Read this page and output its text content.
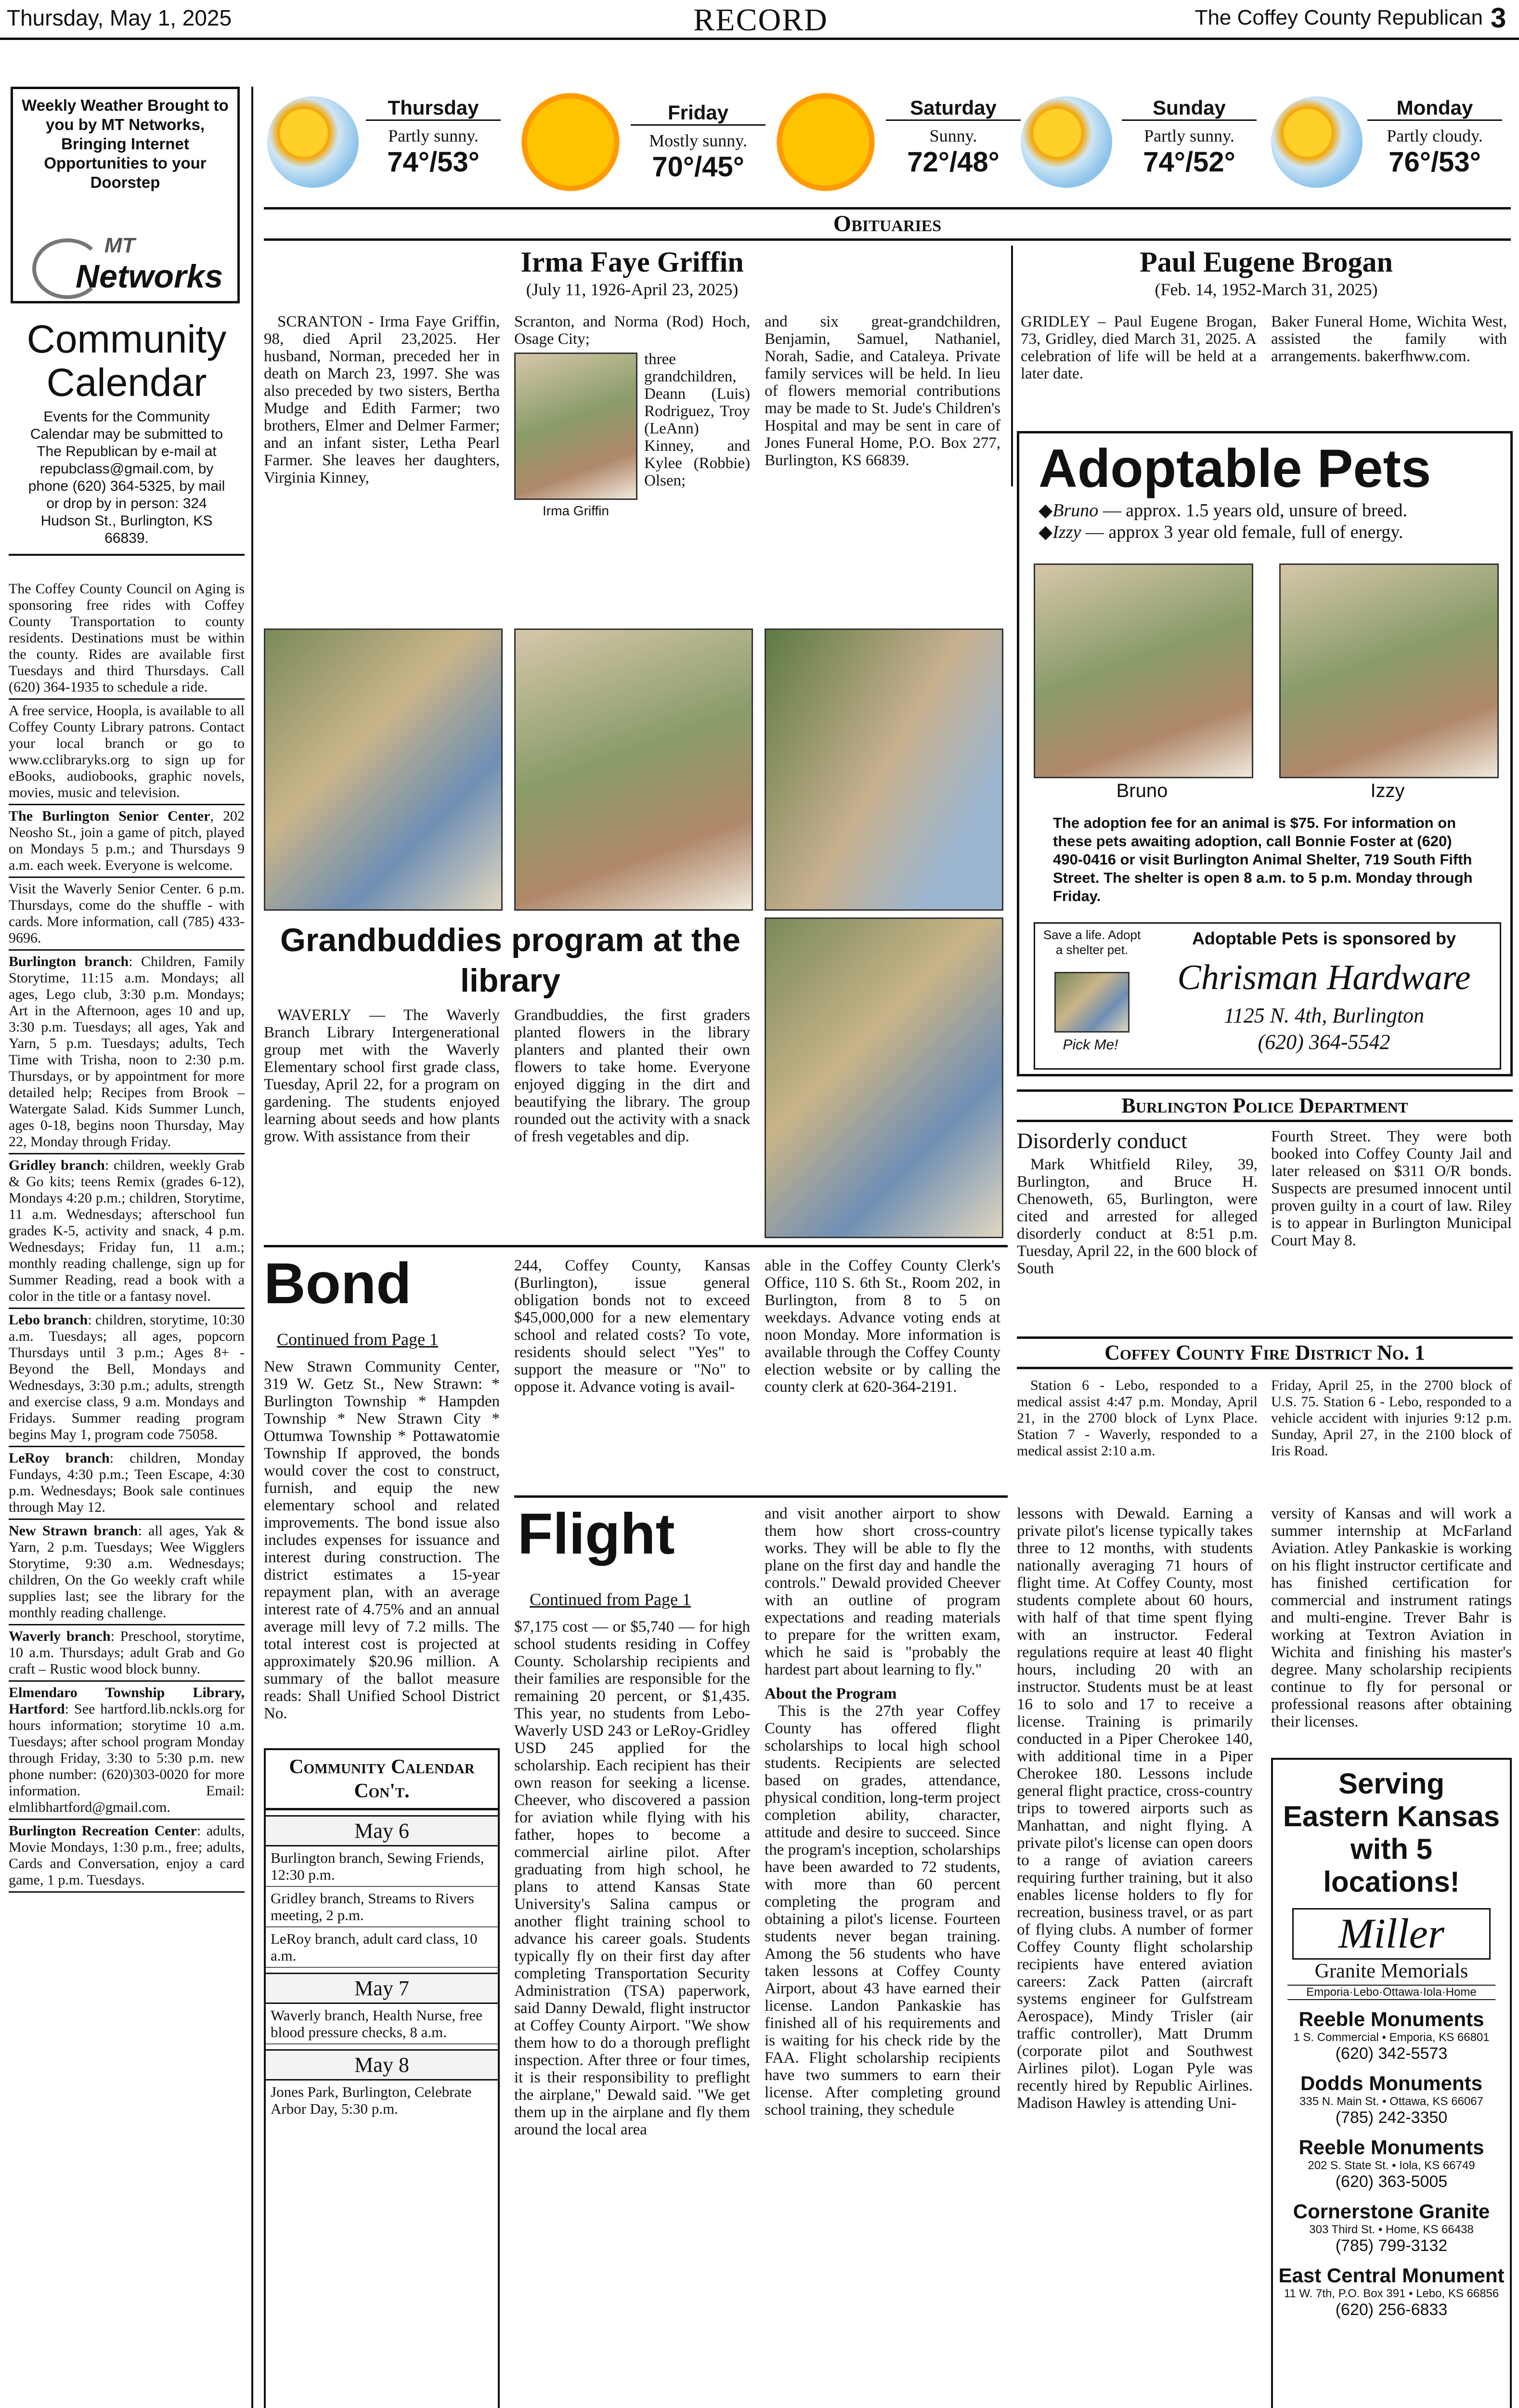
Thursday, May 1, 2025	RECORD	The Coffey County Republican 3
Weekly Weather Brought to you by MT Networks, Bringing Internet Opportunities to your Doorstep
MT
Networks
Thursday
Partly sunny.
74°/53°
Friday
Mostly sunny.
70°/45°
Saturday
Sunny.
72°/48°
Sunday
Partly sunny.
74°/52°
Monday
Partly cloudy.
76°/53°
Community Calendar
Events for the Community Calendar may be submitted to The Republican by e-mail at repubclass@gmail.com, by phone (620) 364-5325, by mail or drop by in person: 324 Hudson St., Burlington, KS 66839.
The Coffey County Council on Aging is sponsoring free rides with Coffey County Transportation to county residents. Destinations must be within the county. Rides are available first Tuesdays and third Thursdays. Call (620) 364-1935 to schedule a ride.
A free service, Hoopla, is available to all Coffey County Library patrons. Contact your local branch or go to www.cclibraryks.org to sign up for eBooks, audiobooks, graphic novels, movies, music and television.
The Burlington Senior Center, 202 Neosho St., join a game of pitch, played on Mondays 5 p.m.; and Thursdays 9 a.m. each week. Everyone is welcome.
Visit the Waverly Senior Center. 6 p.m. Thursdays, come do the shuffle - with cards. More information, call (785) 433-9696.
Burlington branch: Children, Family Storytime, 11:15 a.m. Mondays; all ages, Lego club, 3:30 p.m. Mondays; Art in the Afternoon, ages 10 and up, 3:30 p.m. Tuesdays; all ages, Yak and Yarn, 5 p.m. Tuesdays; adults, Tech Time with Trisha, noon to 2:30 p.m. Thursdays, or by appointment for more detailed help; Recipes from Brook – Watergate Salad. Kids Summer Lunch, ages 0-18, begins noon Thursday, May 22, Monday through Friday.
Gridley branch: children, weekly Grab & Go kits; teens Remix (grades 6-12), Mondays 4:20 p.m.; children, Storytime, 11 a.m. Wednesdays; afterschool fun grades K-5, activity and snack, 4 p.m. Wednesdays; Friday fun, 11 a.m.; monthly reading challenge, sign up for Summer Reading, read a book with a color in the title or a fantasy novel.
Lebo branch: children, storytime, 10:30 a.m. Tuesdays; all ages, popcorn Thursdays until 3 p.m.; Ages 8+ - Beyond the Bell, Mondays and Wednesdays, 3:30 p.m.; adults, strength and exercise class, 9 a.m. Mondays and Fridays. Summer reading program begins May 1, program code 75058.
LeRoy branch: children, Monday Fundays, 4:30 p.m.; Teen Escape, 4:30 p.m. Wednesdays; Book sale continues through May 12.
New Strawn branch: all ages, Yak & Yarn, 2 p.m. Tuesdays; Wee Wigglers Storytime, 9:30 a.m. Wednesdays; children, On the Go weekly craft while supplies last; see the library for the monthly reading challenge.
Waverly branch: Preschool, storytime, 10 a.m. Thursdays; adult Grab and Go craft – Rustic wood block bunny.
Elmendaro Township Library, Hartford: See hartford.lib.nckls.org for hours information; storytime 10 a.m. Tuesdays; after school program Monday through Friday, 3:30 to 5:30 p.m. new phone number: (620)303-0020 for more information. Email: elmlibhartford@gmail.com.
Burlington Recreation Center: adults, Movie Mondays, 1:30 p.m., free; adults, Cards and Conversation, enjoy a card game, 1 p.m. Tuesdays.
Obituaries
Irma Faye Griffin
(July 11, 1926-April 23, 2025)

SCRANTON - Irma Faye Griffin, 98, died April 23,2025. Her husband, Norman, preceded her in death on March 23, 1997. She was also preceded by two sisters, Bertha Mudge and Edith Farmer; two brothers, Elmer and Delmer Farmer; and an infant sister, Letha Pearl Farmer. She leaves her daughters, Virginia Kinney,

Scranton, and Norma (Rod) Hoch, Osage City;

Irma Griffin

three grandchildren, Deann (Luis) Rodriguez, Troy (LeAnn) Kinney, and Kylee (Robbie) Olsen;

and six great-grandchildren, Benjamin, Samuel, Nathaniel, Norah, Sadie, and Cataleya. Private family services will be held. In lieu of flowers memorial contributions may be made to St. Jude's Children's Hospital and may be sent in care of Jones Funeral Home, P.O. Box 277, Burlington, KS 66839.

Paul Eugene Brogan
(Feb. 14, 1952-March 31, 2025)

GRIDLEY – Paul Eugene Brogan, 73, Gridley, died March 31, 2025. A celebration of life will be held at a later date.

Baker Funeral Home, Wichita West, assisted the family with arrangements. bakerfhww.com.

Adoptable Pets
◆Bruno — approx. 1.5 years old, unsure of breed.
◆Izzy — approx 3 year old female, full of energy.
Bruno	Izzy
The adoption fee for an animal is $75. For information on these pets awaiting adoption, call Bonnie Foster at (620) 490-0416 or visit Burlington Animal Shelter, 719 South Fifth Street. The shelter is open 8 a.m. to 5 p.m. Monday through Friday.
Save a life. Adopt a shelter pet.
Pick Me!
Adoptable Pets is sponsored by
Chrisman Hardware
1125 N. 4th, Burlington
(620) 364-5542
Grandbuddies program at the library

WAVERLY — The Waverly Branch Library Intergenerational group met with the Waverly Elementary school first grade class, Tuesday, April 22, for a program on gardening. The students enjoyed learning about seeds and how plants grow. With assistance from their

Grandbuddies, the first graders planted flowers in the library planters and planted their own flowers to take home. Everyone enjoyed digging in the dirt and beautifying the library. The group rounded out the activity with a snack of fresh vegetables and dip.

Burlington Police Department
Disorderly conduct

Mark Whitfield Riley, 39, Burlington, and Bruce H. Chenoweth, 65, Burlington, were cited and arrested for alleged disorderly conduct at 8:51 p.m. Tuesday, April 22, in the 600 block of South

Fourth Street. They were both booked into Coffey County Jail and later released on $311 O/R bonds. Suspects are presumed innocent until proven guilty in a court of law. Riley is to appear in Burlington Municipal Court May 8.

Coffey County Fire District No. 1

Station 6 - Lebo, responded to a medical assist 4:47 p.m. Monday, April 21, in the 2700 block of Lynx Place. Station 7 - Waverly, responded to a medical assist 2:10 a.m.

Friday, April 25, in the 2700 block of U.S. 75. Station 6 - Lebo, responded to a vehicle accident with injuries 9:12 p.m. Sunday, April 27, in the 2100 block of Iris Road.

Bond
Continued from Page 1

New Strawn Community Center, 319 W. Getz St., New Strawn: * Burlington Township * Hampden Township * New Strawn City * Ottumwa Township * Pottawatomie Township If approved, the bonds would cover the cost to construct, furnish, and equip the new elementary school and related improvements. The bond issue also includes expenses for issuance and interest during construction. The district estimates a 15-year repayment plan, with an average interest rate of 4.75% and an annual average mill levy of 7.2 mills. The total interest cost is projected at approximately $20.96 million. A summary of the ballot measure reads: Shall Unified School District No.

244, Coffey County, Kansas (Burlington), issue general obligation bonds not to exceed $45,000,000 for a new elementary school and related costs? To vote, residents should select "Yes" to support the measure or "No" to oppose it. Advance voting is avail-

able in the Coffey County Clerk's Office, 110 S. 6th St., Room 202, in Burlington, from 8 to 5 on weekdays. Advance voting ends at noon Monday. More information is available through the Coffey County election website or by calling the county clerk at 620-364-2191.

Community Calendar Con't.
May 6
Burlington branch, Sewing Friends, 12:30 p.m.
Gridley branch, Streams to Rivers meeting, 2 p.m.
LeRoy branch, adult card class, 10 a.m.
May 7
Waverly branch, Health Nurse, free blood pressure checks, 8 a.m.
May 8
Jones Park, Burlington, Celebrate Arbor Day, 5:30 p.m.
Flight
Continued from Page 1

$7,175 cost — or $5,740 — for high school students residing in Coffey County. Scholarship recipients and their families are responsible for the remaining 20 percent, or $1,435. This year, no students from Lebo-Waverly USD 243 or LeRoy-Gridley USD 245 applied for the scholarship. Each recipient has their own reason for seeking a license. Cheever, who discovered a passion for aviation while flying with his father, hopes to become a commercial airline pilot. After graduating from high school, he plans to attend Kansas State University's Salina campus or another flight training school to advance his career goals. Students typically fly on their first day after completing Transportation Security Administration (TSA) paperwork, said Danny Dewald, flight instructor at Coffey County Airport. "We show them how to do a thorough preflight inspection. After three or four times, it is their responsibility to preflight the airplane," Dewald said. "We get them up in the airplane and fly them around the local area

and visit another airport to show them how short cross-country works. They will be able to fly the plane on the first day and handle the controls." Dewald provided Cheever with an outline of program expectations and reading materials to prepare for the written exam, which he said is "probably the hardest part about learning to fly."

About the Program

This is the 27th year Coffey County has offered flight scholarships to local high school students. Recipients are selected based on grades, attendance, physical condition, long-term project completion ability, character, attitude and desire to succeed. Since the program's inception, scholarships have been awarded to 72 students, with more than 60 percent completing the program and obtaining a pilot's license. Fourteen students never began training. Among the 56 students who have taken lessons at Coffey County Airport, about 43 have earned their license. Landon Pankaskie has finished all of his requirements and is waiting for his check ride by the FAA. Flight scholarship recipients have two summers to earn their license. After completing ground school training, they schedule

lessons with Dewald. Earning a private pilot's license typically takes three to 12 months, with students nationally averaging 71 hours of flight time. At Coffey County, most students complete about 60 hours, with half of that time spent flying with an instructor. Federal regulations require at least 40 flight hours, including 20 with an instructor. Students must be at least 16 to solo and 17 to receive a license. Training is primarily conducted in a Piper Cherokee 140, with additional time in a Piper Cherokee 180. Lessons include general flight practice, cross-country trips to towered airports such as Manhattan, and night flying. A private pilot's license can open doors to a range of aviation careers requiring further training, but it also enables license holders to fly for recreation, business travel, or as part of flying clubs. A number of former Coffey County flight scholarship recipients have entered aviation careers: Zack Patten (aircraft systems engineer for Gulfstream Aerospace), Mindy Trisler (air traffic controller), Matt Drumm (corporate pilot and Southwest Airlines pilot). Logan Pyle was recently hired by Republic Airlines. Madison Hawley is attending Uni-

versity of Kansas and will work a summer internship at McFarland Aviation. Atley Pankaskie is working on his flight instructor certificate and has finished certification for commercial and instrument ratings and multi-engine. Trever Bahr is working at Textron Aviation in Wichita and finishing his master's degree. Many scholarship recipients continue to fly for personal or professional reasons after obtaining their licenses.

Serving Eastern Kansas with 5 locations!
Miller
Granite Memorials
Emporia·Lebo·Ottawa·Iola·Home
Reeble Monuments
1 S. Commercial • Emporia, KS 66801
(620) 342-5573
Dodds Monuments
335 N. Main St. • Ottawa, KS 66067
(785) 242-3350
Reeble Monuments
202 S. State St. • Iola, KS 66749
(620) 363-5005
Cornerstone Granite
303 Third St. • Home, KS 66438
(785) 799-3132
East Central Monument
11 W. 7th, P.O. Box 391 • Lebo, KS 66856
(620) 256-6833
